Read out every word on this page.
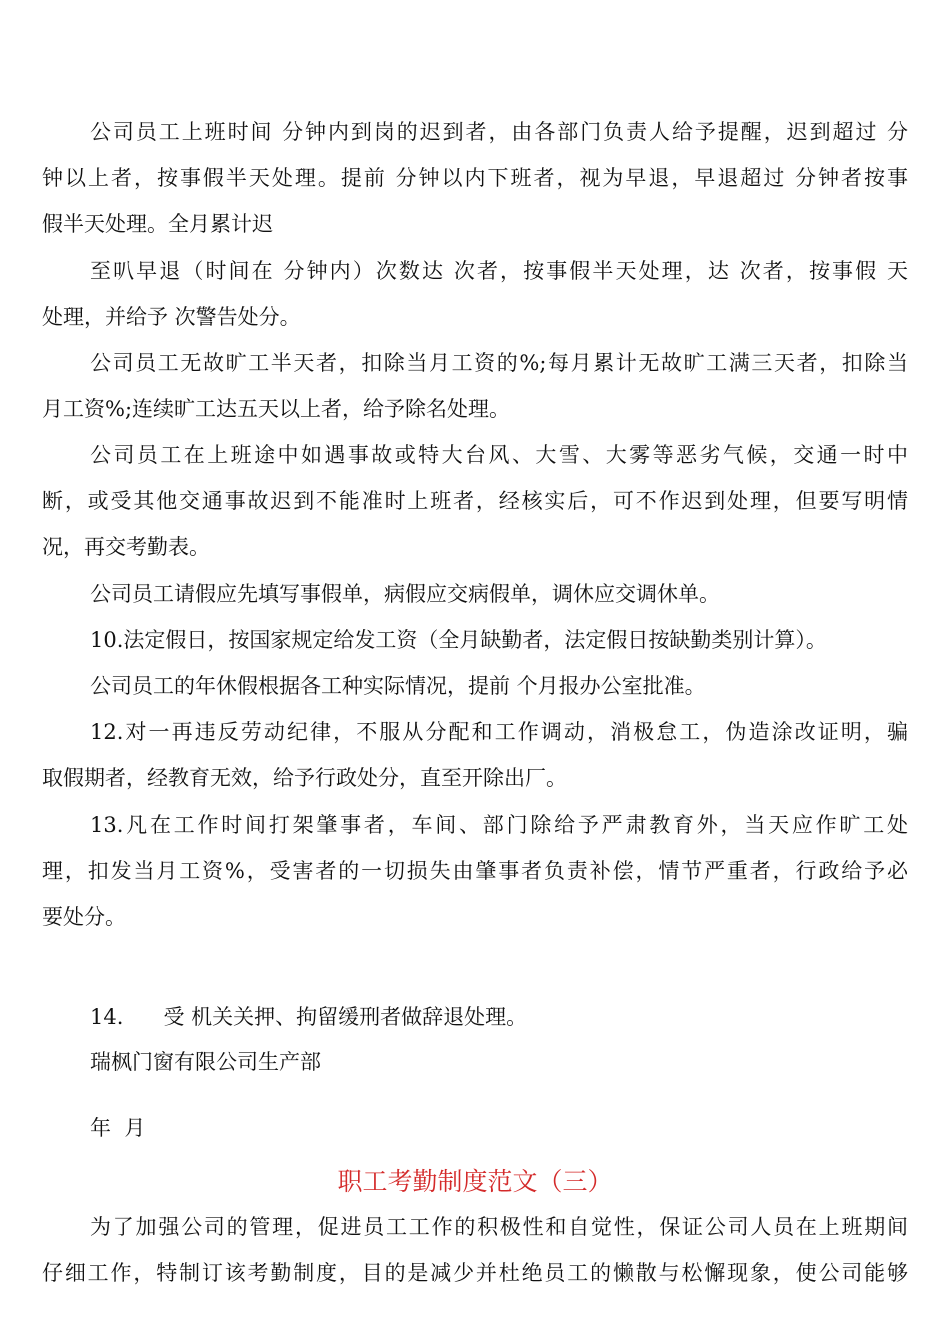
公司员工上班时间 分钟内到岗的迟到者，由各部门负责人给予提醒，迟到超过 分
钟以上者，按事假半天处理。提前 分钟以内下班者，视为早退，早退超过 分钟者按事
假半天处理。全月累计迟
至叭早退（时间在 分钟内）次数达 次者，按事假半天处理，达 次者，按事假 天
处理，并给予 次警告处分。
公司员工无故旷工半天者，扣除当月工资的%;每月累计无故旷工满三天者，扣除当
月工资%;连续旷工达五天以上者，给予除名处理。
公司员工在上班途中如遇事故或特大台风、大雪、大雾等恶劣气候，交通一时中
断，或受其他交通事故迟到不能准时上班者，经核实后，可不作迟到处理，但要写明情
况，再交考勤表。
公司员工请假应先填写事假单，病假应交病假单，调休应交调休单。
10.法定假日，按国家规定给发工资（全月缺勤者，法定假日按缺勤类别计算）。
公司员工的年休假根据各工种实际情况，提前 个月报办公室批准。
12.对一再违反劳动纪律，不服从分配和工作调动，消极怠工，伪造涂改证明，骗
取假期者，经教育无效，给予行政处分，直至开除出厂。
13.凡在工作时间打架肇事者，车间、部门除给予严肃教育外，当天应作旷工处
理，扣发当月工资%，受害者的一切损失由肇事者负责补偿，情节严重者，行政给予必
要处分。
14.      受 机关关押、拘留缓刑者做辞退处理。
瑞枫门窗有限公司生产部
年  月
职工考勤制度范文（三）
为了加强公司的管理，促进员工工作的积极性和自觉性，保证公司人员在上班期间
仔细工作，特制订该考勤制度，目的是减少并杜绝员工的懒散与松懈现象，使公司能够
